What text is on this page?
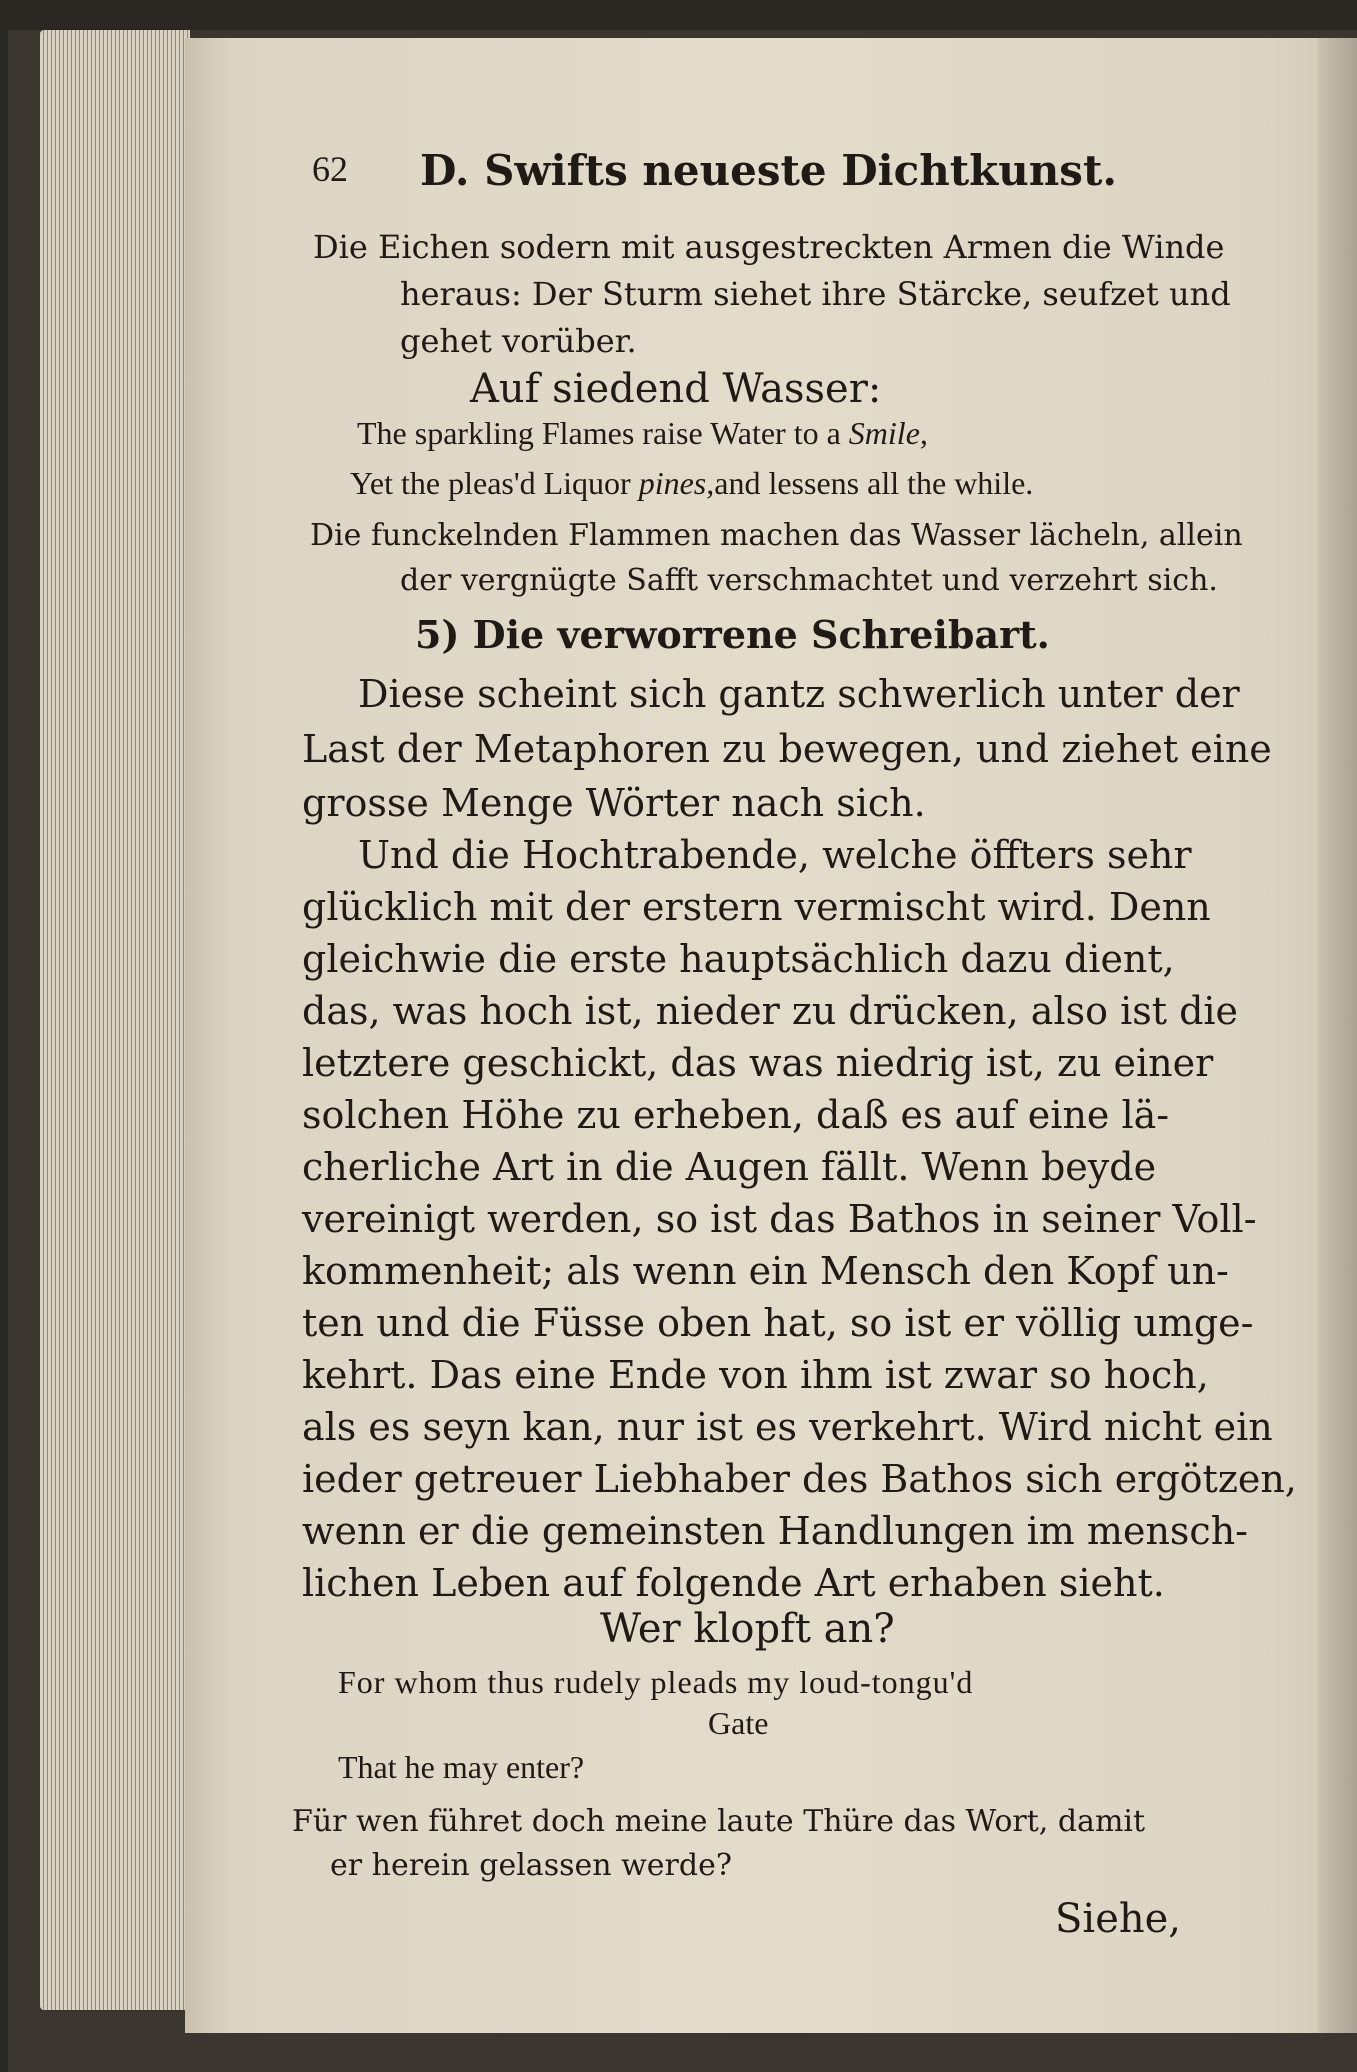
62 D. Swifts neueste Dichtkunst.
Die Eichen sodern mit ausgestreckten Armen die Winde
heraus: Der Sturm siehet ihre Stärcke, seufzet und
gehet vorüber.
Auf siedend Wasser:
The sparkling Flames raise Water to a Smile,
Yet the pleas'd Liquor pines,and lessens all the while.
Die funckelnden Flammen machen das Wasser lächeln, allein
der vergnügte Safft verschmachtet und verzehrt sich.
5) Die verworrene Schreibart.
Diese scheint sich gantz schwerlich unter der
Last der Metaphoren zu bewegen, und ziehet eine
grosse Menge Wörter nach sich.
Und die Hochtrabende, welche öffters sehr
glücklich mit der erstern vermischt wird. Denn
gleichwie die erste hauptsächlich dazu dient,
das, was hoch ist, nieder zu drücken, also ist die
letztere geschickt, das was niedrig ist, zu einer
solchen Höhe zu erheben, daß es auf eine lä-
cherliche Art in die Augen fällt. Wenn beyde
vereinigt werden, so ist das Bathos in seiner Voll-
kommenheit; als wenn ein Mensch den Kopf un-
ten und die Füsse oben hat, so ist er völlig umge-
kehrt. Das eine Ende von ihm ist zwar so hoch,
als es seyn kan, nur ist es verkehrt. Wird nicht ein
ieder getreuer Liebhaber des Bathos sich ergötzen,
wenn er die gemeinsten Handlungen im mensch-
lichen Leben auf folgende Art erhaben sieht.
Wer klopft an?
For whom thus rudely pleads my loud-tongu'd
Gate
That he may enter?
Für wen führet doch meine laute Thüre das Wort, damit
er herein gelassen werde?
Siehe,
